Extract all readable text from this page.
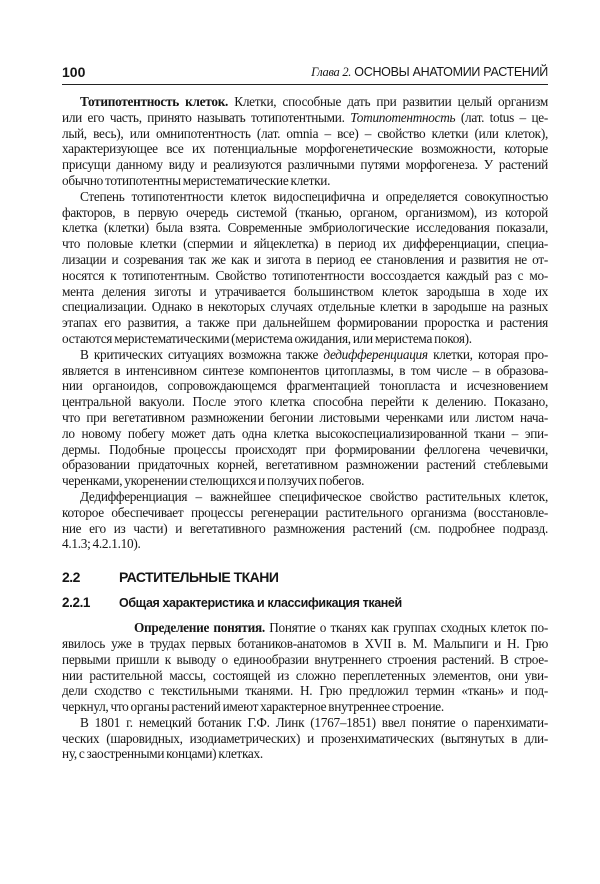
100	Глава 2. ОСНОВЫ АНАТОМИИ РАСТЕНИЙ
Тотипотентность клеток. Клетки, способные дать при развитии целый организм
или его часть, принято называть тотипотентными. Тотипотентность (лат. totus – це-
лый, весь), или омнипотентность (лат. omnia – все) – свойство клетки (или клеток),
характеризующее все их потенциальные морфогенетические возможности, которые
присущи данному виду и реализуются различными путями морфогенеза. У растений
обычно тотипотентны меристематические клетки.
Степень тотипотентности клеток видоспецифична и определяется совокупностью
факторов, в первую очередь системой (тканью, органом, организмом), из которой
клетка (клетки) была взята. Современные эмбриологические исследования показали,
что половые клетки (спермии и яйцеклетка) в период их дифференциации, специа-
лизации и созревания так же как и зигота в период ее становления и развития не от-
носятся к тотипотентным. Свойство тотипотентности воссоздается каждый раз с мо-
мента деления зиготы и утрачивается большинством клеток зародыша в ходе их
специализации. Однако в некоторых случаях отдельные клетки в зародыше на разных
этапах его развития, а также при дальнейшем формировании проростка и растения
остаются меристематическими (меристема ожидания, или меристема покоя).
В критических ситуациях возможна также дедифференциация клетки, которая про-
является в интенсивном синтезе компонентов цитоплазмы, в том числе – в образова-
нии органоидов, сопровождающемся фрагментацией тонопласта и исчезновением
центральной вакуоли. После этого клетка способна перейти к делению. Показано,
что при вегетативном размножении бегонии листовыми черенками или листом нача-
ло новому побегу может дать одна клетка высокоспециализированной ткани – эпи-
дермы. Подобные процессы происходят при формировании феллогена чечевички,
образовании придаточных корней, вегетативном размножении растений стеблевыми
черенками, укоренении стелющихся и ползучих побегов.
Дедифференциация – важнейшее специфическое свойство растительных клеток,
которое обеспечивает процессы регенерации растительного организма (восстановле-
ние его из части) и вегетативного размножения растений (см. подробнее подразд.
4.1.3; 4.2.1.10).
2.2	РАСТИТЕЛЬНЫЕ ТКАНИ
2.2.1 Общая характеристика и классификация тканей
Определение понятия. Понятие о тканях как группах сходных клеток по-
явилось уже в трудах первых ботаников-анатомов в XVII в. М. Мальпиги и Н. Грю
первыми пришли к выводу о единообразии внутреннего строения растений. В строе-
нии растительной массы, состоящей из сложно переплетенных элементов, они уви-
дели сходство с текстильными тканями. Н. Грю предложил термин «ткань» и под-
черкнул, что органы растений имеют характерное внутреннее строение.
В 1801 г. немецкий ботаник Г.Ф. Линк (1767–1851) ввел понятие о паренхимати-
ческих (шаровидных, изодиаметрических) и прозенхиматических (вытянутых в дли-
ну, с заостренными концами) клетках.
